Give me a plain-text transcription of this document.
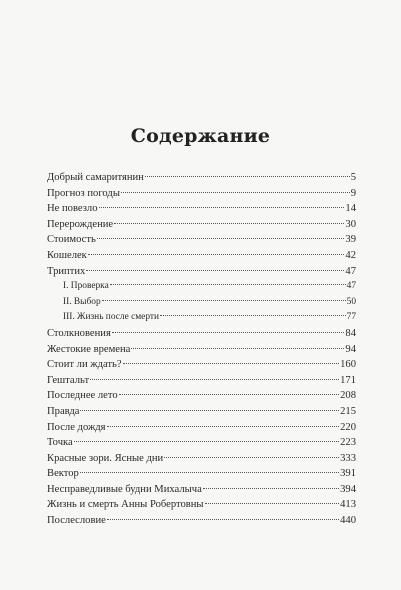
Содержание
Добрый самаритянин	5
Прогноз погоды	9
Не повезло	14
Перерождение	30
Стоимость	39
Кошелек	42
Триптих	47
I. Проверка	47
II. Выбор	50
III. Жизнь после смерти	77
Столкновения	84
Жестокие времена	94
Стоит ли ждать?	160
Гештальт	171
Последнее лето	208
Правда	215
После дождя	220
Точка	223
Красные зори. Ясные дни	333
Вектор	391
Несправедливые будни Михалыча	394
Жизнь и смерть Анны Робертовны	413
Послесловие	440
